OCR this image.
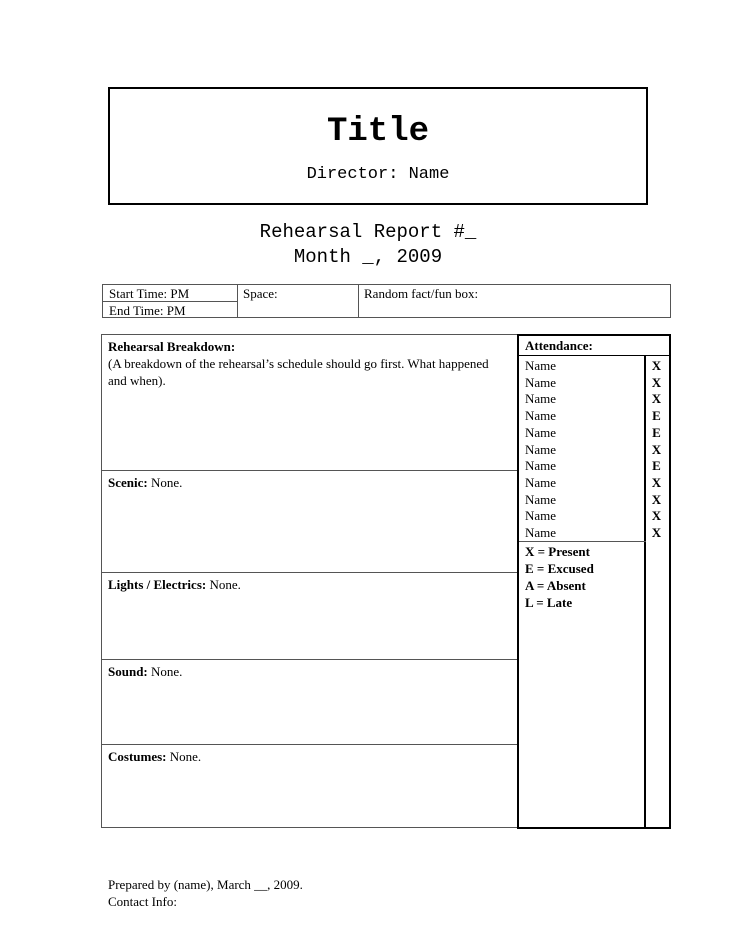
Title
Director: Name
Rehearsal Report #_
Month _, 2009
Start Time: PM
End Time: PM
Space:	Random fact/fun box:
Rehearsal Breakdown:
(A breakdown of the rehearsal’s schedule should go first. What happened and when).
Scenic: None.
Lights / Electrics: None.
Sound: None.
Costumes: None.
Attendance:
Name
Name
Name
Name
Name
Name
Name
Name
Name
Name
Name
X
X
X
E
E
X
E
X
X
X
X
X = Present
E = Excused
A = Absent
L = Late
Prepared by (name), March __, 2009.
Contact Info:
